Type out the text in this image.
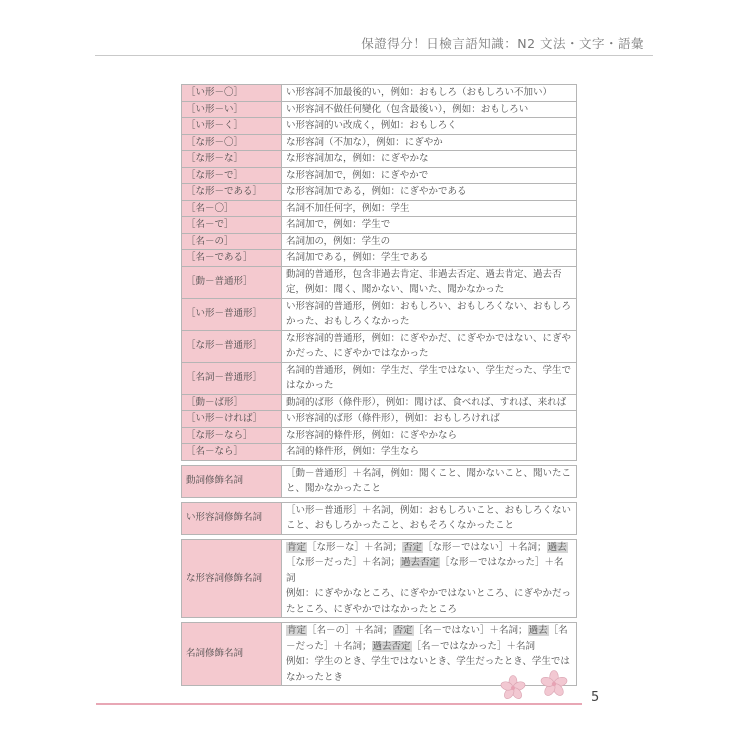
保證得分！日檢言語知識：N2 文法・文字・語彙
［い形－〇］	い形容詞不加最後的い，例如：おもしろ（おもしろい不加い）
［い形－い］	い形容詞不做任何變化（包含最後い），例如：おもしろい
［い形－く］	い形容詞的い改成く，例如：おもしろく
［な形－〇］	な形容詞（不加な），例如：にぎやか
［な形－な］	な形容詞加な，例如：にぎやかな
［な形－で］	な形容詞加で，例如：にぎやかで
［な形－である］	な形容詞加である，例如：にぎやかである
［名－〇］	名詞不加任何字，例如：学生
［名－で］	名詞加で，例如：学生で
［名－の］	名詞加の，例如：学生の
［名－である］	名詞加である，例如：学生である
［動－普通形］	動詞的普通形，包含非過去肯定、非過去否定、過去肯定、過去否定，例如：聞く、聞かない、聞いた、聞かなかった
［い形－普通形］	い形容詞的普通形，例如：おもしろい、おもしろくない、おもしろかった、おもしろくなかった
［な形－普通形］	な形容詞的普通形，例如：にぎやかだ、にぎやかではない、にぎやかだった、にぎやかではなかった
［名詞－普通形］	名詞的普通形，例如：学生だ、学生ではない、学生だった、学生ではなかった
［動－ば形］	動詞的ば形（條件形），例如：聞けば、食べれば、すれば、来れば
［い形－ければ］	い形容詞的ば形（條件形），例如：おもしろければ
［な形－なら］	な形容詞的條件形，例如：にぎやかなら
［名－なら］	名詞的條件形，例如：学生なら

動詞修飾名詞	［動－普通形］＋名詞，例如：聞くこと、聞かないこと、聞いたこと、聞かなかったこと

い形容詞修飾名詞	［い形－普通形］＋名詞，例如：おもしろいこと、おもしろくないこと、おもしろかったこと、おもそろくなかったこと

な形容詞修飾名詞	肯定［な形－な］＋名詞；否定［な形－ではない］＋名詞；過去［な形－だった］＋名詞；過去否定［な形－ではなかった］＋名詞
例如：にぎやかなところ、にぎやかではないところ、にぎやかだったところ、にぎやかではなかったところ

名詞修飾名詞	肯定［名－の］＋名詞；否定［名－ではない］＋名詞；過去［名－だった］＋名詞；過去否定［名－ではなかった］＋名詞
例如：学生のとき、学生ではないとき、学生だったとき、学生ではなかったとき
5
